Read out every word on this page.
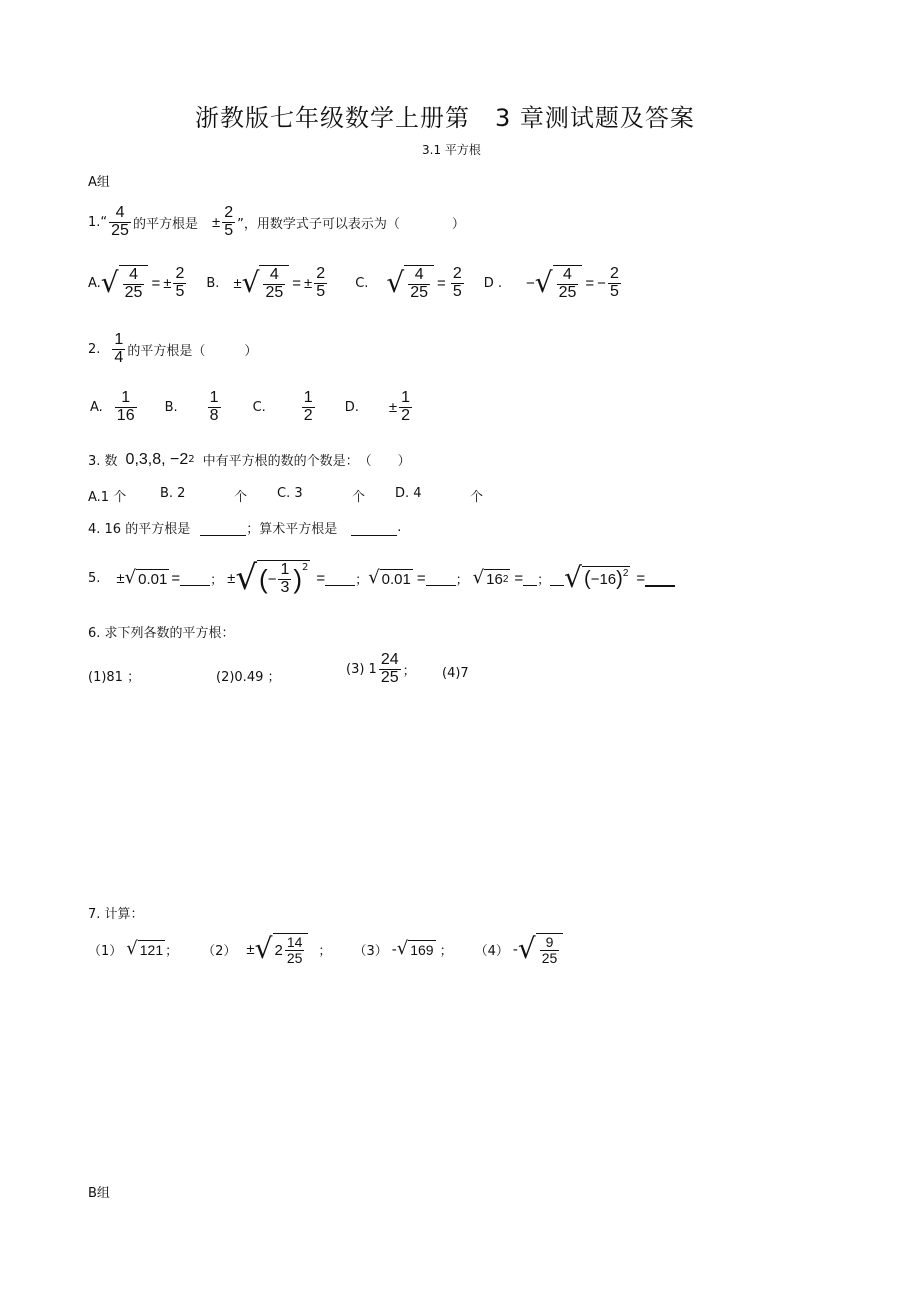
浙教版七年级数学上册第　3 章测试题及答案
3.1 平方根
A组
1.“ $\frac{4}{25}$ 的平方根是 ± $\frac{2}{5}$ ”，用数学式子可以表示为（　　　　）
A. √ $\frac{4}{25}$ = ± $\frac{2}{5} B$. ± √ $\frac{4}{25}$ = ± $\frac{2}{5} C$. √ $\frac{4}{25} = \frac{2}{5}$ D . − √ $\frac{4}{25}$ = − $\frac{2}{5}$
2. $\frac{1}{4}$ 的平方根是（　　　）
A. $\frac{1}{16} B$. $\frac{1}{8} C$. $\frac{1}{2} D$. ± $\frac{1}{2}$
3. 数 0,3,8, −2 2 中有平方根的数的个数是：　（　　）
A.1 个	B. 2	个 C. 3	个 D. 4	个
4. 16 的平方根是
	；算术平方根是
	.
5. ± √ 0.01 =
； ± √ ( − $\frac{1}{3}$ ) 2
=
； √ 0.01 =
； √ 16 2 =
；
√ ( −16 ) 2 =

6. 求下列各数的平方根：
(1)81 ；	(2)0.49 ；
(3) $1 \frac{24}{25}$ ； (4)7
7. 计算：
（1） √ 121 ； （2） ± √ $2 \frac{14}{25}$ ； （3） - √ 169 ； （4） - √ $\frac{9}{25}$
B组
